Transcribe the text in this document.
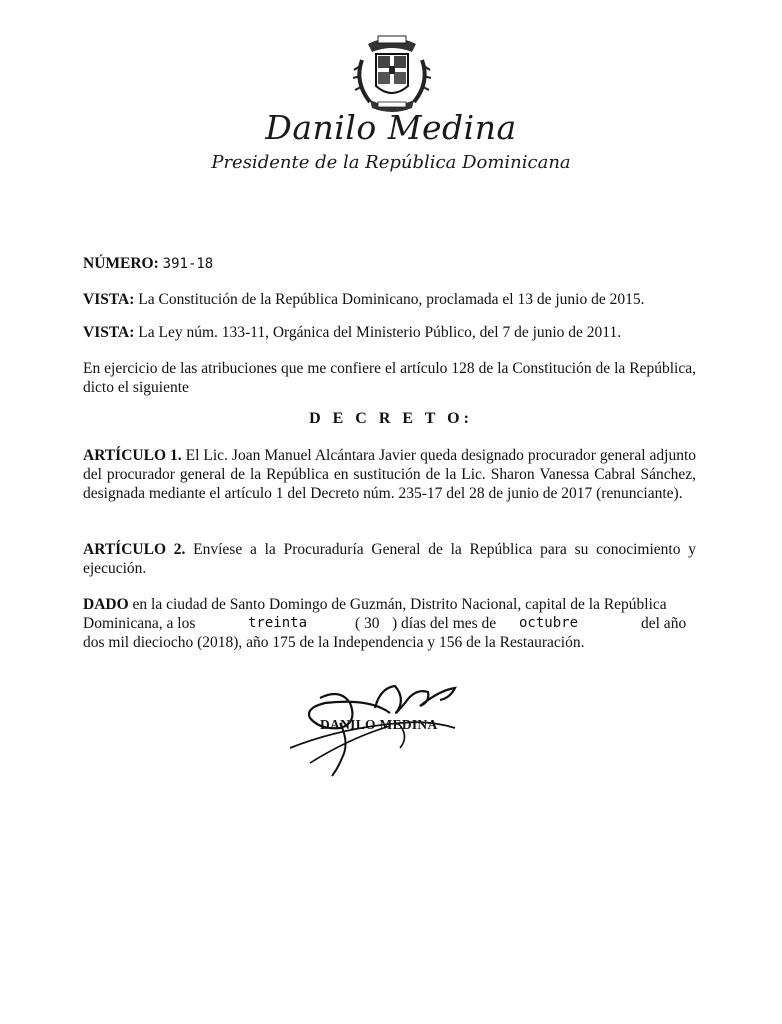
Danilo Medina
Presidente de la República Dominicana
NÚMERO: 391-18
VISTA: La Constitución de la República Dominicano, proclamada el 13 de junio de 2015.
VISTA: La Ley núm. 133-11, Orgánica del Ministerio Público, del 7 de junio de 2011.
En ejercicio de las atribuciones que me confiere el artículo 128 de la Constitución de la República, dicto el siguiente
D E C R E T O:
ARTÍCULO 1. El Lic. Joan Manuel Alcántara Javier queda designado procurador general adjunto del procurador general de la República en sustitución de la Lic. Sharon Vanessa Cabral Sánchez, designada mediante el artículo 1 del Decreto núm. 235-17 del 28 de junio de 2017 (renunciante).
ARTÍCULO 2. Envíese a la Procuraduría General de la República para su conocimiento y ejecución.
DADO en la ciudad de Santo Domingo de Guzmán, Distrito Nacional, capital de la República
Dominicana, a los	treinta	( 30 ) días del mes de octubre	del año
dos mil dieciocho (2018), año 175 de la Independencia y 156 de la Restauración.
DANILO MEDINA
